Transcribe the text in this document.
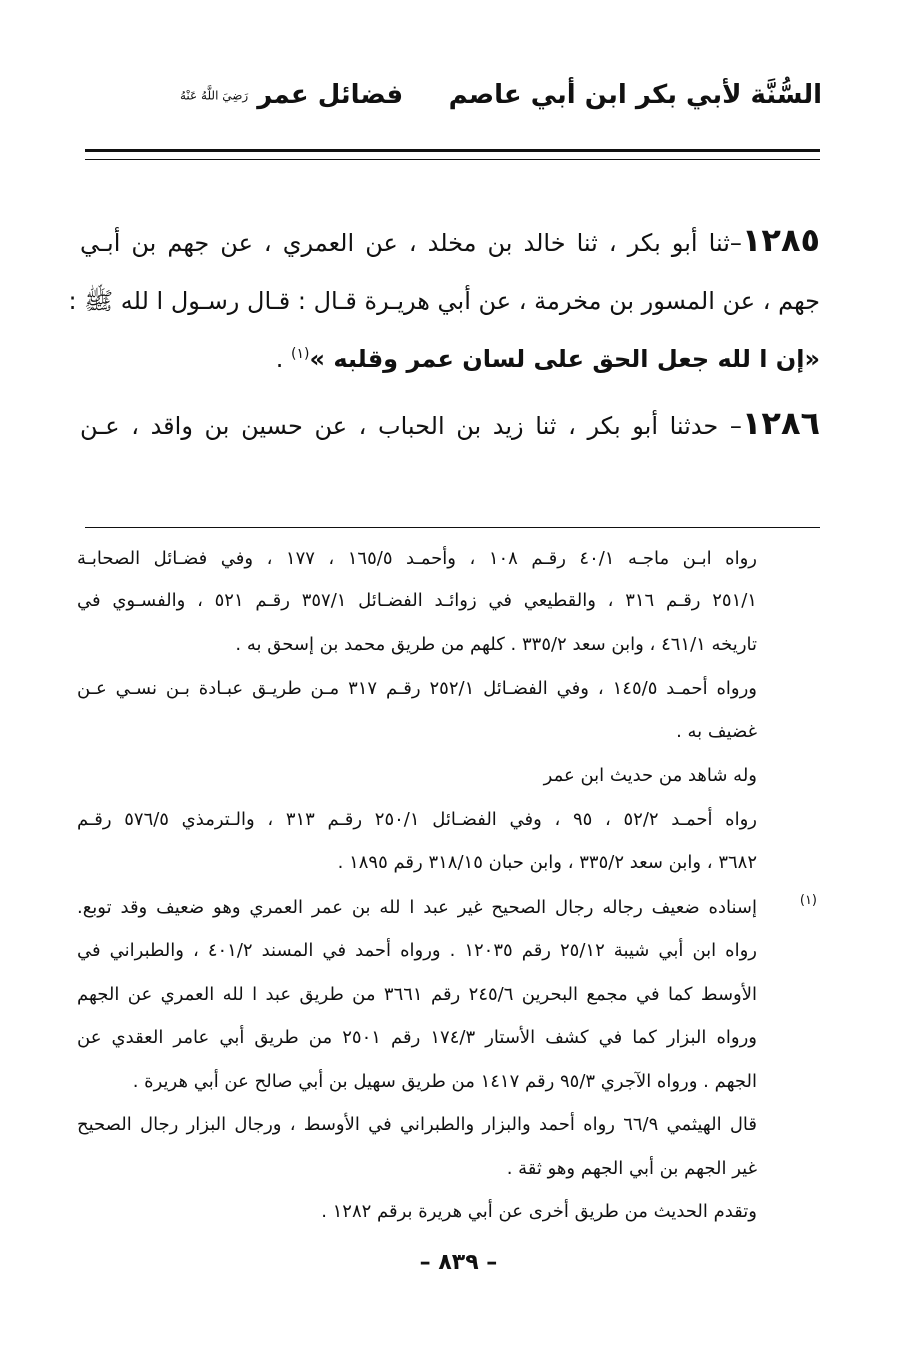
السُّنَّة لأبي بكر ابن أبي عاصم
فضائل عمر رَضِيَ اللَّهُ عَنْهُ
١٢٨٥–ثنا أبو بكر ، ثنا خالد بن مخلد ، عن العمري ، عن جهم بن أبـي
جهم ، عن المسور بن مخرمة ، عن أبي هريـرة قـال : قـال رسـول ا لله ﷺ :
«إن ا لله جعل الحق على لسان عمر وقلبه »$^{(١)}$ .
١٢٨٦– حدثنا أبو بكر ، ثنا زيد بن الحباب ، عن حسين بن واقد ، عـن
رواه ابـن ماجـه ٤٠/١ رقـم ١٠٨ ، وأحمـد ١٦٥/٥ ، ١٧٧ ، وفي فضـائل الصحابـة
٢٥١/١ رقـم ٣١٦ ، والقطيعي في زوائـد الفضـائل ٣٥٧/١ رقـم ٥٢١ ، والفسـوي في
تاريخه ٤٦١/١ ، وابن سعد ٣٣٥/٢ . كلهم من طريق محمد بن إسحق به .
ورواه أحمـد ١٤٥/٥ ، وفي الفضـائل ٢٥٢/١ رقـم ٣١٧ مـن طريـق عبـادة بـن نسـي عـن
غضيف به .
وله شاهد من حديث ابن عمر
رواه أحمـد ٥٢/٢ ، ٩٥ ، وفي الفضـائل ٢٥٠/١ رقـم ٣١٣ ، والـترمذي ٥٧٦/٥ رقـم
٣٦٨٢ ، وابن سعد ٣٣٥/٢ ، وابن حبان ٣١٨/١٥ رقم ١٨٩٥ .
(١)
إسناده ضعيف رجاله رجال الصحيح غير عبد ا لله بن عمر العمري وهو ضعيف وقد توبع.
رواه ابن أبي شيبة ٢٥/١٢ رقم ١٢٠٣٥ . ورواه أحمد في المسند ٤٠١/٢ ، والطبراني في
الأوسط كما في مجمع البحرين ٢٤٥/٦ رقم ٣٦٦١ من طريق عبد ا لله العمري عن الجهم
ورواه البزار كما في كشف الأستار ١٧٤/٣ رقم ٢٥٠١ من طريق أبي عامر العقدي عن
الجهم . ورواه الآجري ٩٥/٣ رقم ١٤١٧ من طريق سهيل بن أبي صالح عن أبي هريرة .
قال الهيثمي ٦٦/٩ رواه أحمد والبزار والطبراني في الأوسط ، ورجال البزار رجال الصحيح
غير الجهم بن أبي الجهم وهو ثقة .
وتقدم الحديث من طريق أخرى عن أبي هريرة برقم ١٢٨٢ .
– ٨٣٩ –
